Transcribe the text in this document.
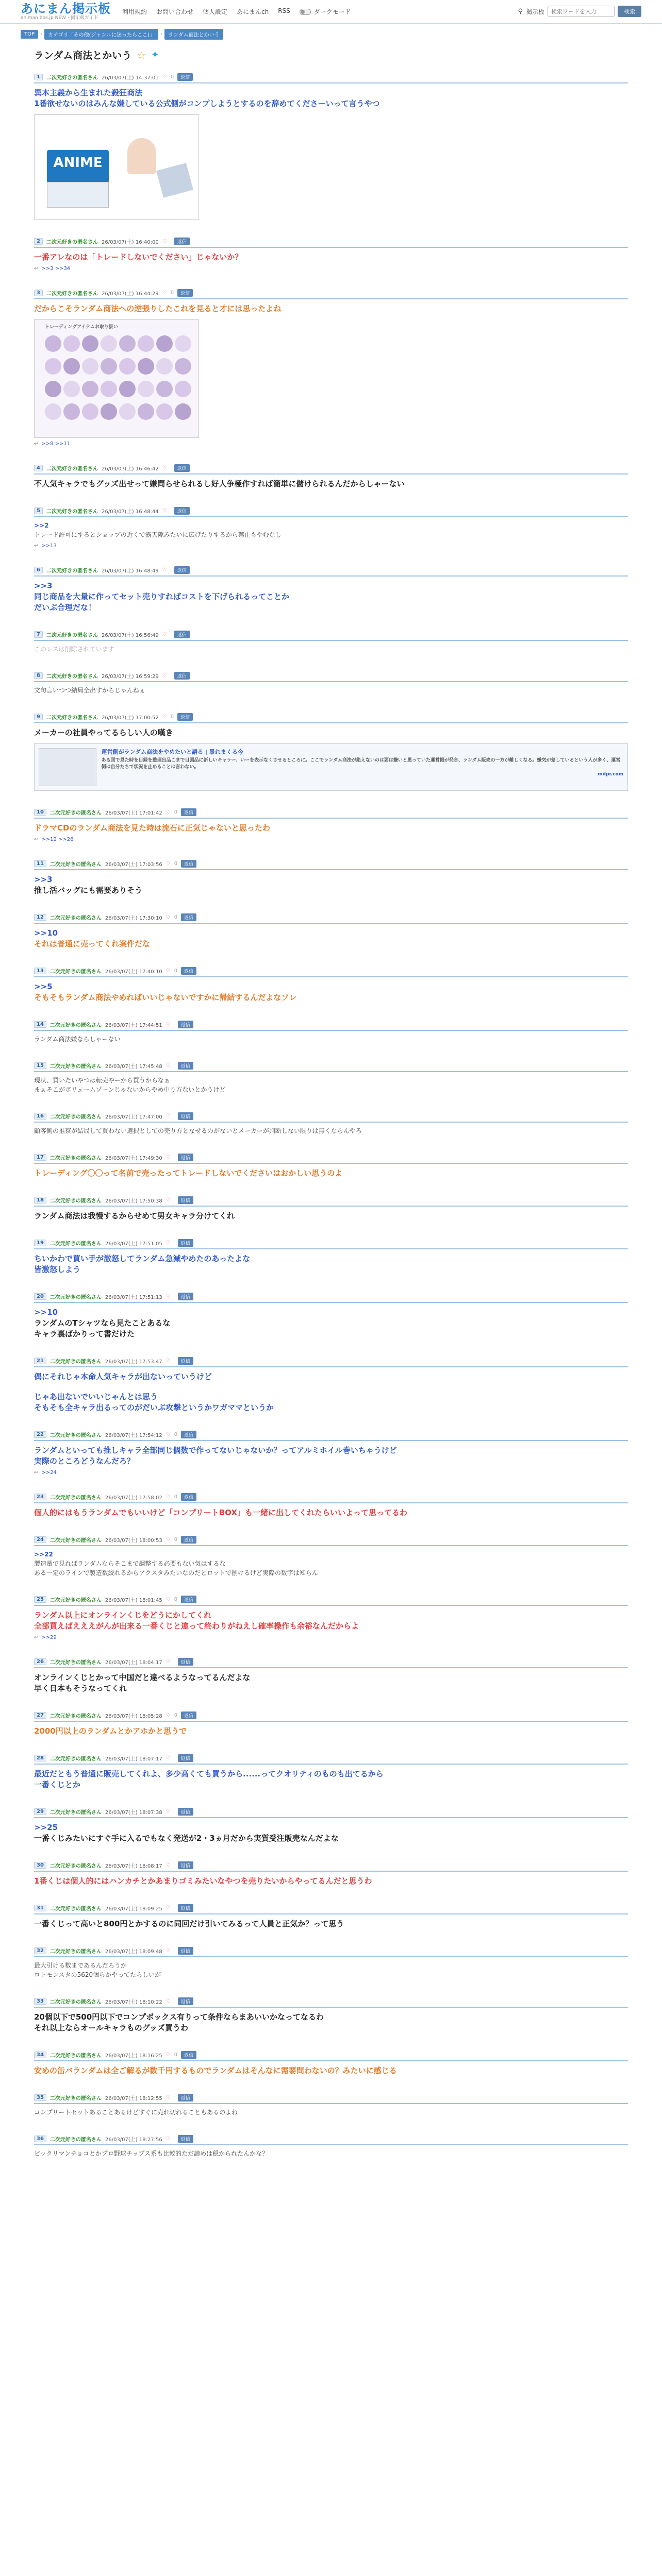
あにまん掲示板
animan bbs.jp NEW・掲示板ガイド
利用規約 お問い合わせ 個人設定 あにまんch RSS	ダークモード	⚲ 掲示板
検索ワードを入力	検索
TOP	›	カテゴリ「その他(ジャンルに迷ったらここ)」	›	ランダム商法とかいう
ランダム商法とかいう ☆ ✦
1	二次元好きの匿名さん 26/03/07(土) 14:37:01 ♡ 0	返信
異本主義から生まれた殺狂商法
1番欲せないのはみんな嫌している公式側がコンプしようとするのを辞めてくださーいって言うやつ
ANIME
2	二次元好きの匿名さん 26/03/07(土) 16:40:00 ♡	返信
一番アレなのは「トレードしないでください」じゃないか？
↩ >>3 >>34
3	二次元好きの匿名さん 26/03/07(土) 16:44:29 ♡ 0	返信
だからこそランダム商法への逆張りしたこれを見ると才には思ったよね
トレーディングアイテムお取り扱い
↩ >>8 >>11
4	二次元好きの匿名さん 26/03/07(土) 16:46:42 ♡	返信
不人気キャラでもグッズ出せって嫌問らせられるし好人争極作すれば簡単に儲けられるんだからしゃーない
5	二次元好きの匿名さん 26/03/07(土) 16:48:44 ♡	返信
>>2
トレード許可にするとショップの近くで露天隙みたいに広げたりするから禁止もやむなし
↩ >>13
6	二次元好きの匿名さん 26/03/07(土) 16:48:49 ♡	返信
>>3
同じ商品を大量に作ってセット売りすればコストを下げられるってことか
だいぶ合理だな！
7	二次元好きの匿名さん 26/03/07(土) 16:56:49 ♡	返信
このレスは削除されています
8	二次元好きの匿名さん 26/03/07(土) 16:59:29 ♡	返信
文句言いつつ結局全出すからじゃんねぇ
9	二次元好きの匿名さん 26/03/07(土) 17:00:52 ♡ 0	返信
メーカーの社員やってるらしい人の嘆き
運営側がランダム商法をやめたいと語る | 暴れまくる今
ある回で見た時を目録を整理出品こまで目図品に新しいキャラー、いーを表示なくさせるところに。ここでランダム商法が絶えないのは要は嫌いと思っていた運営側が発言、ランダム販売の一方が難しくなる。嫌気が差しているという人が多く、運営側は自分たちで状況を止めることは言わない。
mdpr.com
10	二次元好きの匿名さん 26/03/07(土) 17:01:42 ♡ 0	返信
ドラマCDのランダム商法を見た時は流石に正気じゃないと思ったわ
↩ >>12 >>26
11	二次元好きの匿名さん 26/03/07(土) 17:03:56 ♡ 0	返信
>>3
推し活バッグにも需要ありそう
12	二次元好きの匿名さん 26/03/07(土) 17:30:10 ♡ 0	返信
>>10
それは普通に売ってくれ案件だな
13	二次元好きの匿名さん 26/03/07(土) 17:40:10 ♡ 0	返信
>>5
そもそもランダム商法やめればいいじゃないですかに帰結するんだよなソレ
14	二次元好きの匿名さん 26/03/07(土) 17:44:51 ♡	返信
ランダム商法嫌ならしゃーない
15	二次元好きの匿名さん 26/03/07(土) 17:45:48 ♡	返信
現状、買いたいやつは転売やーから買うからなぁ
まぁそこがボリュームゾーンじゃないからやめ中り方ないとかうけど
16	二次元好きの匿名さん 26/03/07(土) 17:47:00 ♡	返信
顧客側の推察が結局して買わない選択としての売り方となせるのがないとメーカーが判断しない限りは無くならんやろ
17	二次元好きの匿名さん 26/03/07(土) 17:49:30 ♡	返信
トレーディング〇〇って名前で売ったってトレードしないでくださいはおかしい思うのよ
18	二次元好きの匿名さん 26/03/07(土) 17:50:38 ♡	返信
ランダム商法は我慢するからせめて男女キャラ分けてくれ
19	二次元好きの匿名さん 26/03/07(土) 17:51:05 ♡	返信
ちいかわで買い手が激怒してランダム急減やめたのあったよな
皆激怒しよう
20	二次元好きの匿名さん 26/03/07(土) 17:51:13 ♡	返信
>>10
ランダムのTシャツなら見たことあるな
キャラ裏ばかりって書だけた
21	二次元好きの匿名さん 26/03/07(土) 17:53:47 ♡	返信
偶にそれじゃ本命人気キャラが出ないっていうけど
じゃあ出ないでいいじゃんとは思う
そもそも全キャラ出るってのがだいぶ攻撃というかワガママというか
22	二次元好きの匿名さん 26/03/07(土) 17:54:12 ♡ 0	返信
ランダムといっても推しキャラ全部同じ個数で作ってないじゃないか？ってアルミホイル巻いちゃうけど
実際のところどうなんだろ？
↩ >>24
23	二次元好きの匿名さん 26/03/07(土) 17:58:02 ♡ 0	返信
個人的にはもうランダムでもいいけど「コンプリートBOX」も一緒に出してくれたらいいよって思ってるわ
24	二次元好きの匿名さん 26/03/07(土) 18:00:53 ♡ 0	返信
>>22
製造量で見ればランダムならそこまで調整する必要もない気はするな
ある一定のラインで製造数絞れるからアクスタみたいなのだとロットで捌けるけど実際の数字は知らん
25	二次元好きの匿名さん 26/03/07(土) 18:01:45 ♡ 0	返信
ランダム以上にオンラインくじをどうにかしてくれ
全部買えばえええがんが出来る一番くじと違って終わりがねえし確率操作も余裕なんだからよ
↩ >>29
26	二次元好きの匿名さん 26/03/07(土) 18:04:17 ♡	返信
オンラインくじとかって中国だと違べるようなってるんだよな
早く日本もそうなってくれ
27	二次元好きの匿名さん 26/03/07(土) 18:05:28 ♡ 0	返信
2000円以上のランダムとかアホかと思うで
28	二次元好きの匿名さん 26/03/07(土) 18:07:17 ♡	返信
最近だともう普通に販売してくれよ、多少高くても買うから......ってクオリティのものも出てるから
一番くじとか
29	二次元好きの匿名さん 26/03/07(土) 18:07:38 ♡	返信
>>25
一番くじみたいにすぐ手に入るでもなく発送が2・3ヵ月だから実質受注販売なんだよな
30	二次元好きの匿名さん 26/03/07(土) 18:08:17 ♡	返信
1番くじは個人的にはハンカチとかあまりゴミみたいなやつを売りたいからやってるんだと思うわ
31	二次元好きの匿名さん 26/03/07(土) 18:09:25 ♡	返信
一番くじって高いと800円とかするのに同回だけ引いてみるって人員と正気か？って思う
32	二次元好きの匿名さん 26/03/07(土) 18:09:48 ♡	返信
最大引ける数まであるんだろうか
ロトモンスタの5620個らかやってたらしいが
33	二次元好きの匿名さん 26/03/07(土) 18:10:22 ♡	返信
20個以下で500円以下でコンプボックス有りって条件ならまあいいかなってなるわ
それ以上ならオールキャラものグッズ買うわ
34	二次元好きの匿名さん 26/03/07(土) 18:16:25 ♡ 0	返信
安めの缶バランダムは全ご解るが数千円するものでランダムはそんなに需要問わないの？みたいに感じる
35	二次元好きの匿名さん 26/03/07(土) 18:12:55 ♡	返信
コンプリートセットあることあるけどすぐに売れ切れることもあるのよね
36	二次元好きの匿名さん 26/03/07(土) 18:27:56 ♡	返信
ビックリマンチョコとかプロ野球チップス系も比較的ただ諦めは穏かられたんかな？
